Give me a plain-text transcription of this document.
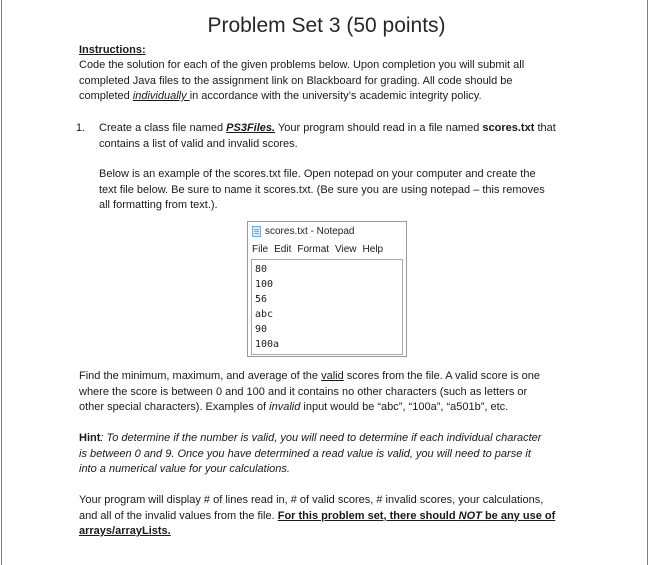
Problem Set 3 (50 points)
Instructions:
Code the solution for each of the given problems below. Upon completion you will submit all
completed Java files to the assignment link on Blackboard for grading. All code should be
completed individually in accordance with the university’s academic integrity policy.
1. Create a class file named PS3Files. Your program should read in a file named scores.txt that
contains a list of valid and invalid scores.
Below is an example of the scores.txt file. Open notepad on your computer and create the
text file below. Be sure to name it scores.txt. (Be sure you are using notepad – this removes
all formatting from text.).
scores.txt - Notepad
File Edit Format View Help
80
100
56
abc
90
100a
Find the minimum, maximum, and average of the valid scores from the file. A valid score is one
where the score is between 0 and 100 and it contains no other characters (such as letters or
other special characters). Examples of invalid input would be “abc”, “100a”, “a501b”, etc.
Hint: To determine if the number is valid, you will need to determine if each individual character
is between 0 and 9. Once you have determined a read value is valid, you will need to parse it
into a numerical value for your calculations.
Your program will display # of lines read in, # of valid scores, # invalid scores, your calculations,
and all of the invalid values from the file. For this problem set, there should NOT be any use of
arrays/arrayLists.
